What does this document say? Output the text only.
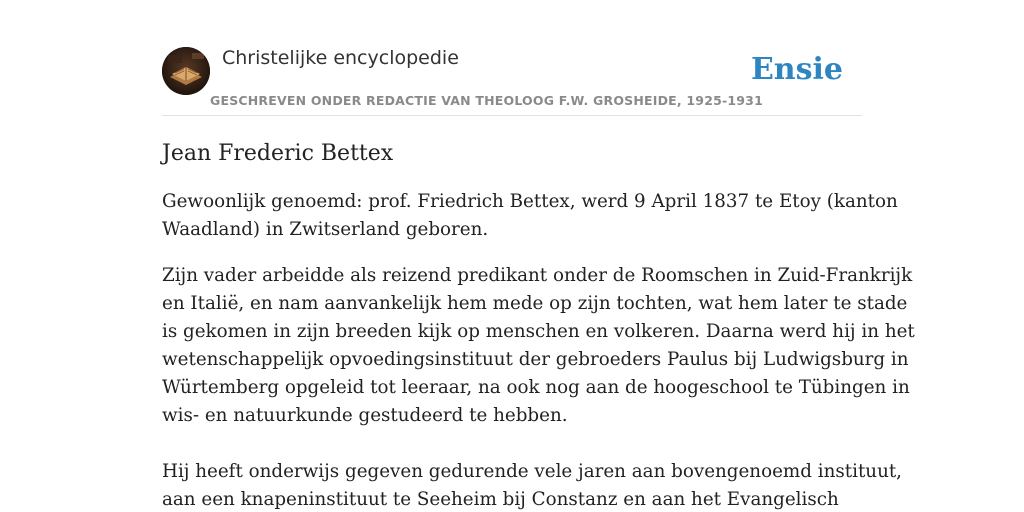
Christelijke encyclopedie
GESCHREVEN ONDER REDACTIE VAN THEOLOOG F.W. GROSHEIDE, 1925-1931
Ensie
Jean Frederic Bettex

Gewoonlijk genoemd: prof. Friedrich Bettex, werd 9 April 1837 te Etoy (kanton
Waadland) in Zwitserland geboren.

Zijn vader arbeidde als reizend predikant onder de Roomschen in Zuid-Frankrijk
en Italië, en nam aanvankelijk hem mede op zijn tochten, wat hem later te stade
is gekomen in zijn breeden kijk op menschen en volkeren. Daarna werd hij in het
wetenschappelijk opvoedingsinstituut der gebroeders Paulus bij Ludwigsburg in
Würtemberg opgeleid tot leeraar, na ook nog aan de hoogeschool te Tübingen in
wis- en natuurkunde gestudeerd te hebben.

Hij heeft onderwijs gegeven gedurende vele jaren aan bovengenoemd instituut,
aan een knapeninstituut te Seeheim bij Constanz en aan het Evangelisch
